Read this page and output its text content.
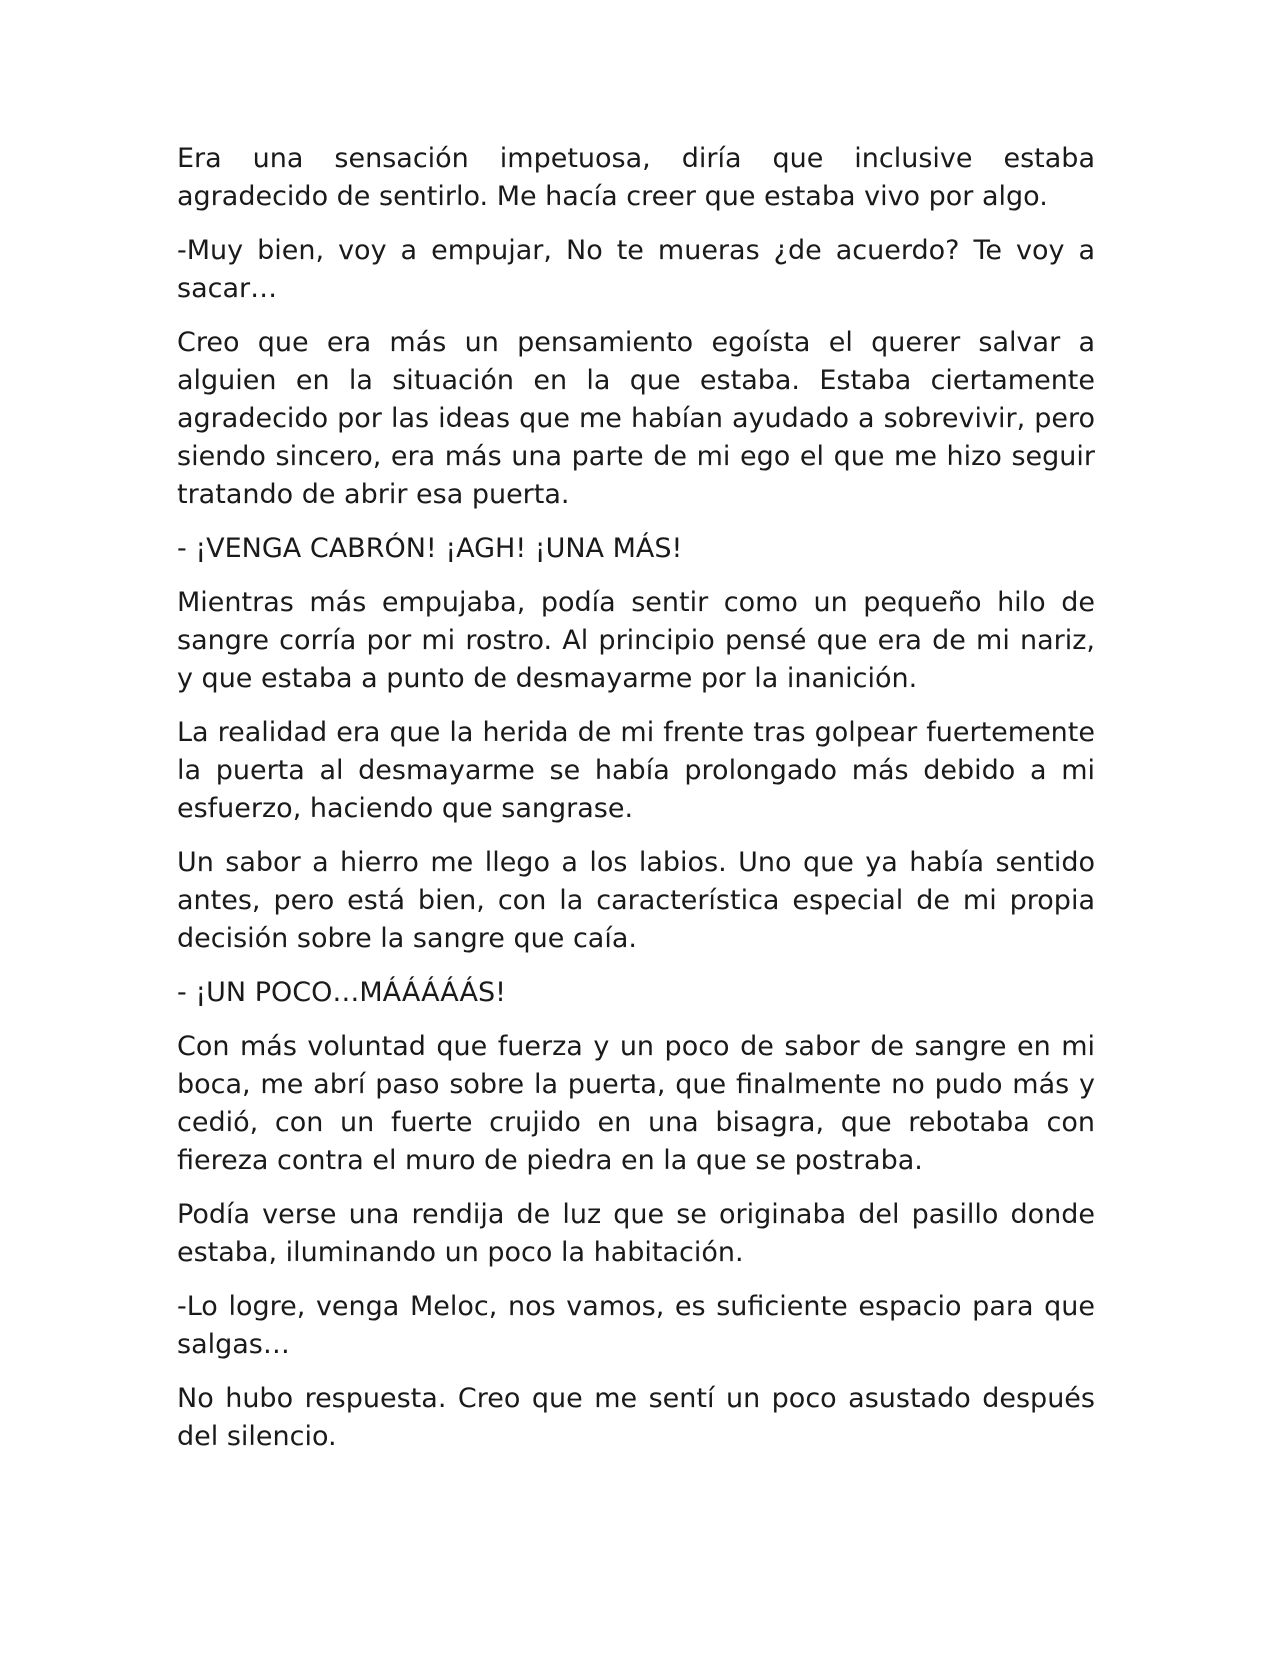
Era una sensación impetuosa, diría que inclusive estaba agradecido de sentirlo. Me hacía creer que estaba vivo por algo.

-Muy bien, voy a empujar, No te mueras ¿de acuerdo? Te voy a sacar…

Creo que era más un pensamiento egoísta el querer salvar a alguien en la situación en la que estaba. Estaba ciertamente agradecido por las ideas que me habían ayudado a sobrevivir, pero siendo sincero, era más una parte de mi ego el que me hizo seguir tratando de abrir esa puerta.

- ¡VENGA CABRÓN! ¡AGH! ¡UNA MÁS!

Mientras más empujaba, podía sentir como un pequeño hilo de sangre corría por mi rostro. Al principio pensé que era de mi nariz, y que estaba a punto de desmayarme por la inanición.

La realidad era que la herida de mi frente tras golpear fuertemente la puerta al desmayarme se había prolongado más debido a mi esfuerzo, haciendo que sangrase.

Un sabor a hierro me llego a los labios. Uno que ya había sentido antes, pero está bien, con la característica especial de mi propia decisión sobre la sangre que caía.

- ¡UN POCO…MÁÁÁÁÁS!

Con más voluntad que fuerza y un poco de sabor de sangre en mi boca, me abrí paso sobre la puerta, que finalmente no pudo más y cedió, con un fuerte crujido en una bisagra, que rebotaba con fiereza contra el muro de piedra en la que se postraba.

Podía verse una rendija de luz que se originaba del pasillo donde estaba, iluminando un poco la habitación.

-Lo logre, venga Meloc, nos vamos, es suficiente espacio para que salgas…

No hubo respuesta. Creo que me sentí un poco asustado después del silencio.
